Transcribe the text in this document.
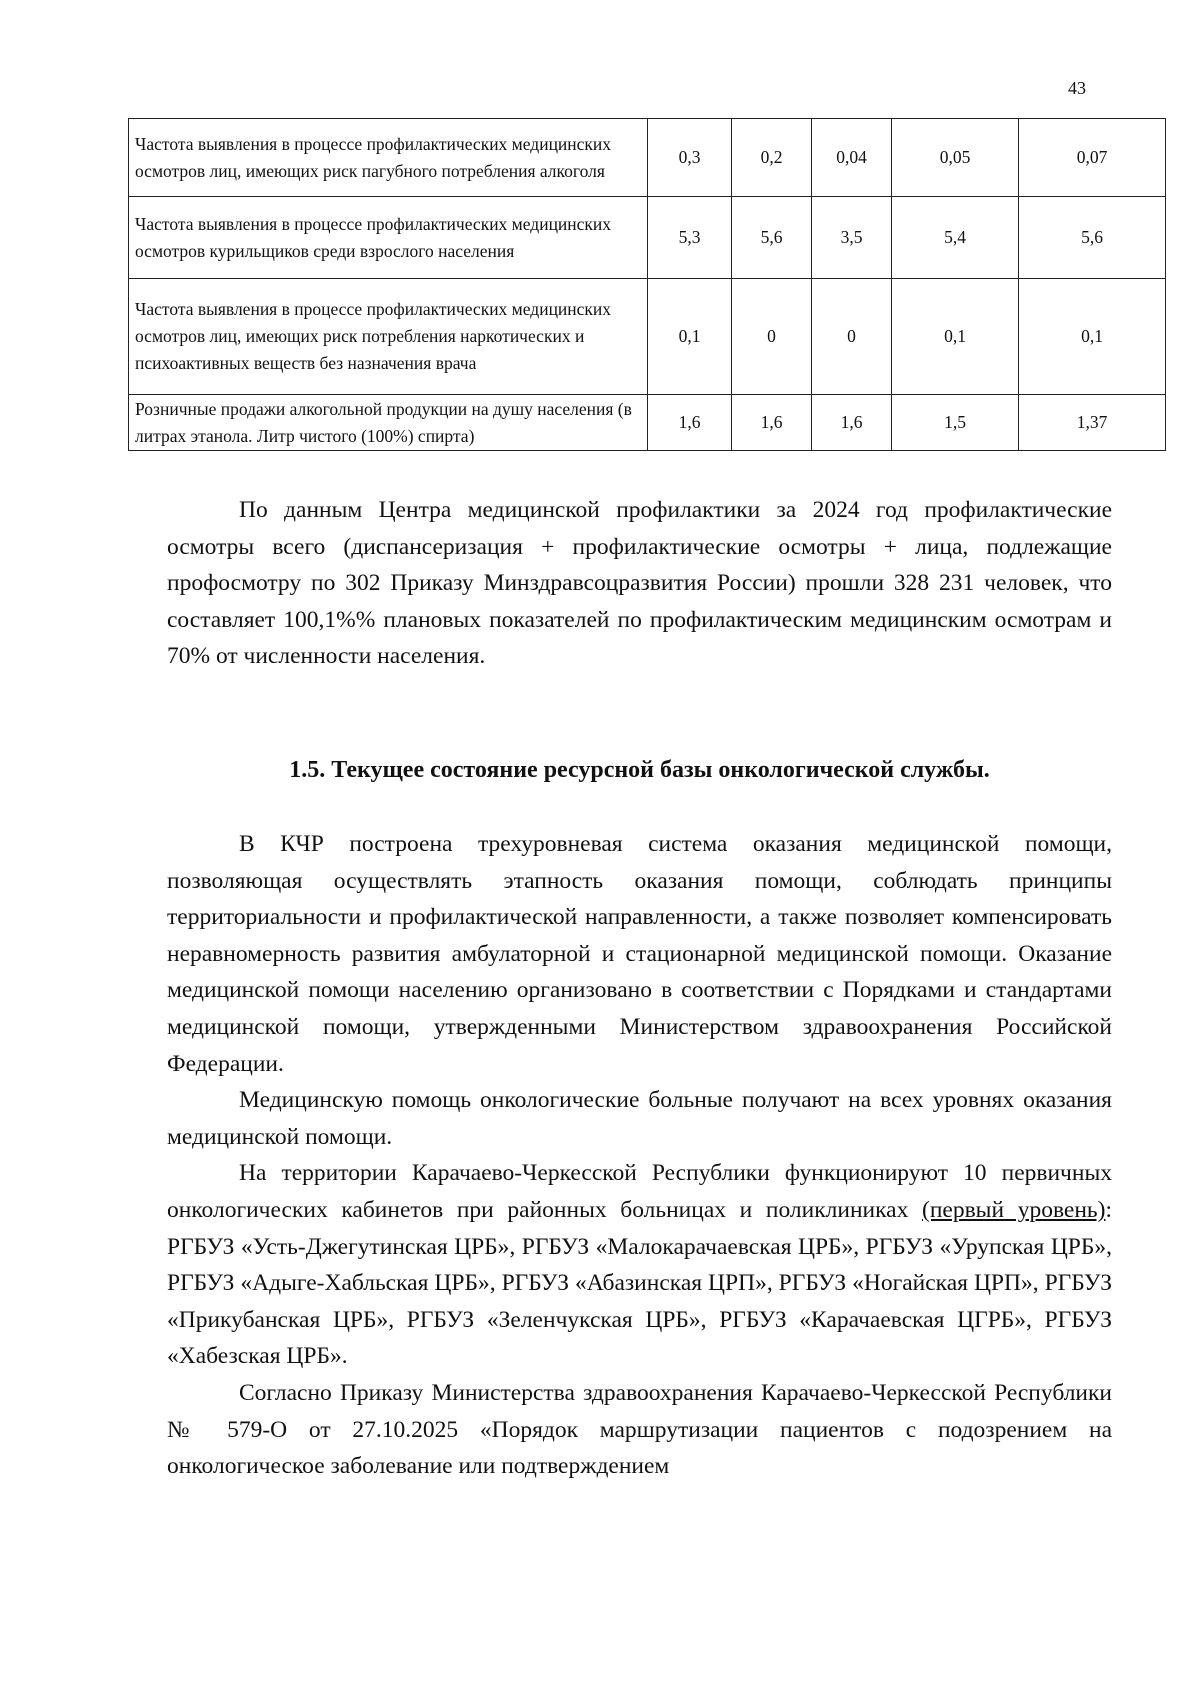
43
Частота выявления в процессе профилактических медицинских осмотров лиц, имеющих риск пагубного потребления алкоголя	0,3	0,2	0,04	0,05	0,07
Частота выявления в процессе профилактических медицинских осмотров курильщиков среди взрослого населения	5,3	5,6	3,5	5,4	5,6
Частота выявления в процессе профилактических медицинских осмотров лиц, имеющих риск потребления наркотических и психоактивных веществ без назначения врача	0,1	0	0	0,1	0,1
Розничные продажи алкогольной продукции на душу населения (в литрах этанола. Литр чистого (100%) спирта)	1,6	1,6	1,6	1,5	1,37

По данным Центра медицинской профилактики за 2024 год профилактические осмотры всего (диспансеризация + профилактические осмотры + лица, подлежащие профосмотру по 302 Приказу Минздравсоцразвития России) прошли 328 231 человек, что составляет 100,1%% плановых показателей по профилактическим медицинским осмотрам и 70% от численности населения.

1.5. Текущее состояние ресурсной базы онкологической службы.

В КЧР построена трехуровневая система оказания медицинской помощи, позволяющая осуществлять этапность оказания помощи, соблюдать принципы территориальности и профилактической направленности, а также позволяет компенсировать неравномерность развития амбулаторной и стационарной медицинской помощи. Оказание медицинской помощи населению организовано в соответствии с Порядками и стандартами медицинской помощи, утвержденными Министерством здравоохранения Российской Федерации.

Медицинскую помощь онкологические больные получают на всех уровнях оказания медицинской помощи.

На территории Карачаево-Черкесской Республики функционируют 10 первичных онкологических кабинетов при районных больницах и поликлиниках (первый уровень): РГБУЗ «Усть-Джегутинская ЦРБ», РГБУЗ «Малокарачаевская ЦРБ», РГБУЗ «Урупская ЦРБ», РГБУЗ «Адыге-Хабльская ЦРБ», РГБУЗ «Абазинская ЦРП», РГБУЗ «Ногайская ЦРП», РГБУЗ «Прикубанская ЦРБ», РГБУЗ «Зеленчукская ЦРБ», РГБУЗ «Карачаевская ЦГРБ», РГБУЗ «Хабезская ЦРБ».

Согласно Приказу Министерства здравоохранения Карачаево-Черкесской Республики № 579-О от 27.10.2025 «Порядок маршрутизации пациентов с подозрением на онкологическое заболевание или подтверждением
